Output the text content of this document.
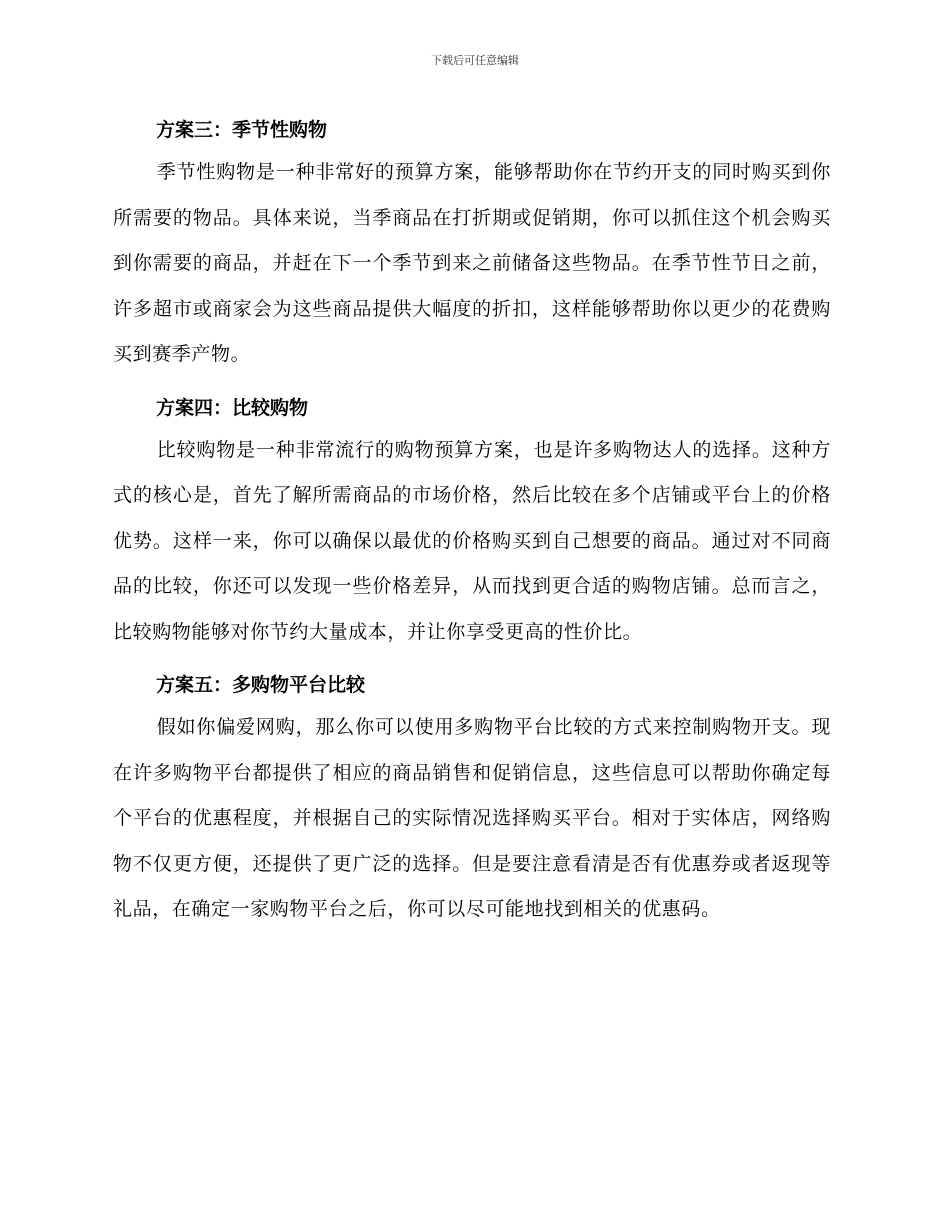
下载后可任意编辑
方案三：季节性购物

季节性购物是一种非常好的预算方案，能够帮助你在节约开支的同时购买到你所需要的物品。具体来说，当季商品在打折期或促销期，你可以抓住这个机会购买到你需要的商品，并赶在下一个季节到来之前储备这些物品。在季节性节日之前，许多超市或商家会为这些商品提供大幅度的折扣，这样能够帮助你以更少的花费购买到赛季产物。

方案四：比较购物

比较购物是一种非常流行的购物预算方案，也是许多购物达人的选择。这种方式的核心是，首先了解所需商品的市场价格，然后比较在多个店铺或平台上的价格优势。这样一来，你可以确保以最优的价格购买到自己想要的商品。通过对不同商品的比较，你还可以发现一些价格差异，从而找到更合适的购物店铺。总而言之，比较购物能够对你节约大量成本，并让你享受更高的性价比。

方案五：多购物平台比较

假如你偏爱网购，那么你可以使用多购物平台比较的方式来控制购物开支。现在许多购物平台都提供了相应的商品销售和促销信息，这些信息可以帮助你确定每个平台的优惠程度，并根据自己的实际情况选择购买平台。相对于实体店，网络购物不仅更方便，还提供了更广泛的选择。但是要注意看清是否有优惠券或者返现等礼品，在确定一家购物平台之后，你可以尽可能地找到相关的优惠码。
